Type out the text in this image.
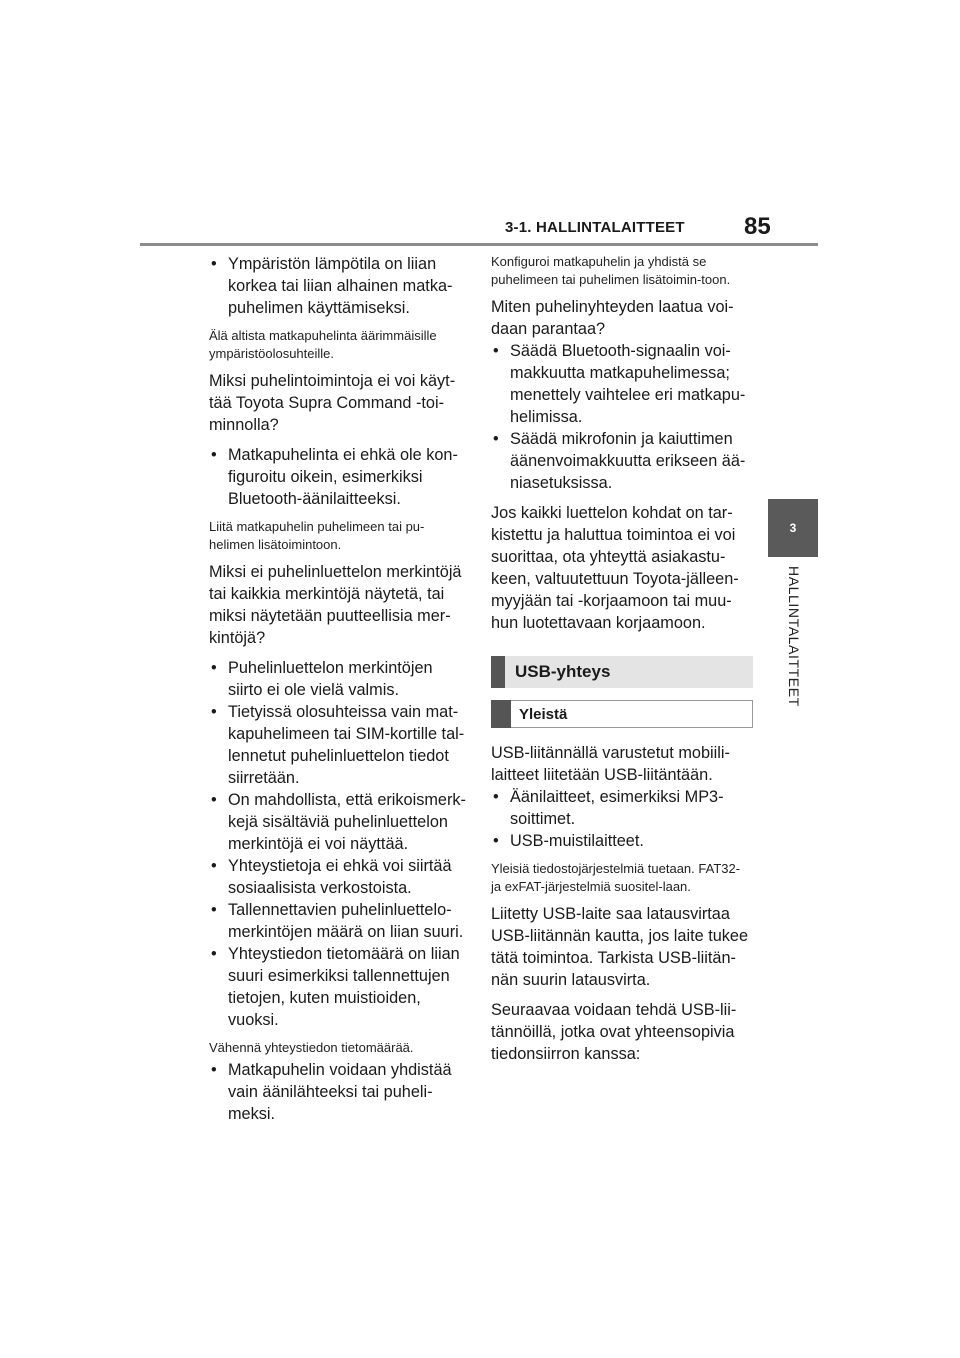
3-1. HALLINTALAITTEET 85
3
HALLINTALAITTEET
• Ympäristön lämpötila on liian korkea tai liian alhainen matka-puhelimen käyttämiseksi.

Älä altista matkapuhelinta äärimmäisille ympäristöolosuhteille.

Miksi puhelintoimintoja ei voi käyt-tää Toyota Supra Command -toi-minnolla?

• Matkapuhelinta ei ehkä ole kon-figuroitu oikein, esimerkiksi Bluetooth-äänilaitteeksi.

Liitä matkapuhelin puhelimeen tai pu-helimen lisätoimintoon.

Miksi ei puhelinluettelon merkintöjä tai kaikkia merkintöjä näytetä, tai miksi näytetään puutteellisia mer-kintöjä?

• Puhelinluettelon merkintöjen siirto ei ole vielä valmis.
• Tietyissä olosuhteissa vain mat-kapuhelimeen tai SIM-kortille tal-lennetut puhelinluettelon tiedot siirretään.
• On mahdollista, että erikoismerk-kejä sisältäviä puhelinluettelon merkintöjä ei voi näyttää.
• Yhteystietoja ei ehkä voi siirtää sosiaalisista verkostoista.
• Tallennettavien puhelinluettelo-merkintöjen määrä on liian suuri.
• Yhteystiedon tietomäärä on liian suuri esimerkiksi tallennettujen tietojen, kuten muistioiden, vuoksi.

Vähennä yhteystiedon tietomäärää.

• Matkapuhelin voidaan yhdistää vain äänilähteeksi tai puheli-meksi.

Konfiguroi matkapuhelin ja yhdistä se puhelimeen tai puhelimen lisätoimin-toon.

Miten puhelinyhteyden laatua voi-daan parantaa?

• Säädä Bluetooth-signaalin voi-makkuutta matkapuhelimessa; menettely vaihtelee eri matkapu-helimissa.
• Säädä mikrofonin ja kaiuttimen äänenvoimakkuutta erikseen ää-niasetuksissa.

Jos kaikki luettelon kohdat on tar-kistettu ja haluttua toimintoa ei voi suorittaa, ota yhteyttä asiakastu-keen, valtuutettuun Toyota-jälleen-myyjään tai -korjaamoon tai muu-hun luotettavaan korjaamoon.

USB-yhteys
Yleistä

USB-liitännällä varustetut mobiili-laitteet liitetään USB-liitäntään.

• Äänilaitteet, esimerkiksi MP3-soittimet.
• USB-muistilaitteet.

Yleisiä tiedostojärjestelmiä tuetaan. FAT32- ja exFAT-järjestelmiä suositel-laan.

Liitetty USB-laite saa latausvirtaa USB-liitännän kautta, jos laite tukee tätä toimintoa. Tarkista USB-liitän-nän suurin latausvirta.

Seuraavaa voidaan tehdä USB-lii-tännöillä, jotka ovat yhteensopivia tiedonsiirron kanssa:
